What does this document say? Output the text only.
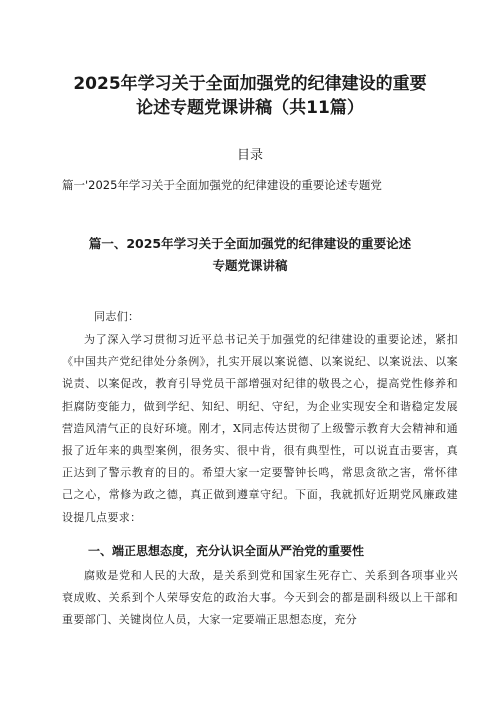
2025年学习关于全面加强党的纪律建设的重要
论述专题党课讲稿（共11篇）
目录
篇一'2025年学习关于全面加强党的纪律建设的重要论述专题党
篇一、2025年学习关于全面加强党的纪律建设的重要论述
专题党课讲稿

同志们：

为了深入学习贯彻习近平总书记关于加强党的纪律建设的重要论述，紧扣《中国共产党纪律处分条例》，扎实开展以案说德、以案说纪、以案说法、以案说责、以案促改，教育引导党员干部增强对纪律的敬畏之心，提高党性修养和拒腐防变能力，做到学纪、知纪、明纪、守纪，为企业实现安全和谐稳定发展营造风清气正的良好环境。刚才，X同志传达贯彻了上级警示教育大会精神和通报了近年来的典型案例，很务实、很中肯，很有典型性，可以说直击要害，真正达到了警示教育的目的。希望大家一定要警钟长鸣，常思贪欲之害，常怀律己之心，常修为政之德，真正做到遵章守纪。下面，我就抓好近期党风廉政建设提几点要求：

一、端正思想态度，充分认识全面从严治党的重要性

腐败是党和人民的大敌，是关系到党和国家生死存亡、关系到各项事业兴衰成败、关系到个人荣辱安危的政治大事。今天到会的都是副科级以上干部和重要部门、关键岗位人员，大家一定要端正思想态度，充分
